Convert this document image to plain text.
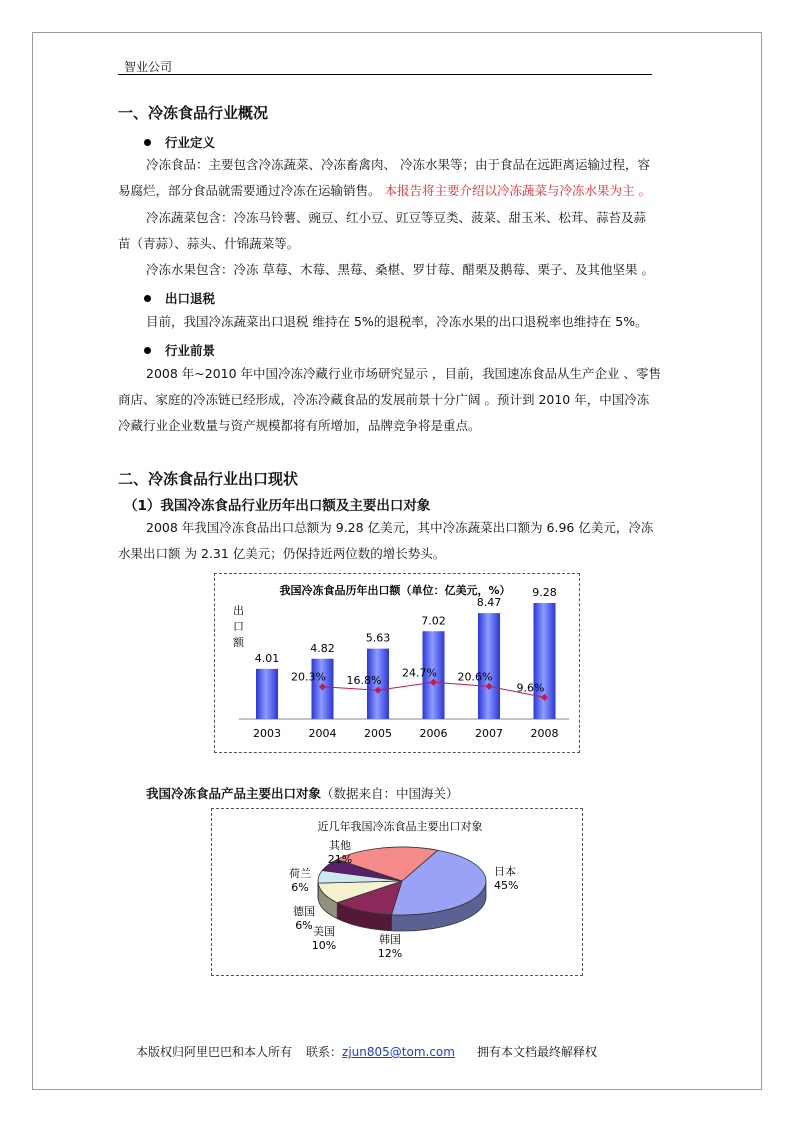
智业公司
一、冷冻食品行业概况
行业定义
冷冻食品：主要包含冷冻蔬菜、冷冻畜禽肉、 冷冻水果等；由于食品在远距离运输过程，容
易腐烂，部分食品就需要通过冷冻在运输销售。 本报告将主要介绍以冷冻蔬菜与冷冻水果为主 。
冷冻蔬菜包含：冷冻马铃薯、豌豆、红小豆、豇豆等豆类、菠菜、甜玉米、松茸、蒜苔及蒜
苗（青蒜）、蒜头、什锦蔬菜等。
冷冻水果包含：冷冻 草莓、木莓、黑莓、桑椹、罗甘莓、醋栗及鹅莓、栗子、及其他坚果 。
出口退税
目前，我国冷冻蔬菜出口退税 维持在 5%的退税率，冷冻水果的出口退税率也维持在 5%。
行业前景
2008 年~2010 年中国冷冻冷藏行业市场研究显示 ，目前，我国速冻食品从生产企业 、零售
商店、家庭的冷冻链已经形成，冷冻冷藏食品的发展前景十分广阔 。预计到 2010 年，中国冷冻
冷藏行业企业数量与资产规模都将有所增加，品牌竞争将是重点。
二、冷冻食品行业出口现状
（1）我国冷冻食品行业历年出口额及主要出口对象
2008 年我国冷冻食品出口总额为 9.28 亿美元，其中冷冻蔬菜出口额为 6.96 亿美元，冷冻
水果出口额 为 2.31 亿美元；仍保持近两位数的增长势头。
我国冷冻食品历年出口额（单位：亿美元，%）
出口额
4.01
2003
4.82
2004
5.63
2005
7.02
2006
8.47
2007
9.28
2008
20.3% 16.8%
24.7% 20.6%
9.6%
我国冷冻食品产品主要出口对象（数据来自：中国海关）
近几年我国冷冻食品主要出口对象
日本
45%
韩国
12%
美国
10%
德国
6%
荷兰
6%
其他
21%
本版权归阿里巴巴和本人所有 联系：zjun805@tom.com 拥有本文档最终解释权
